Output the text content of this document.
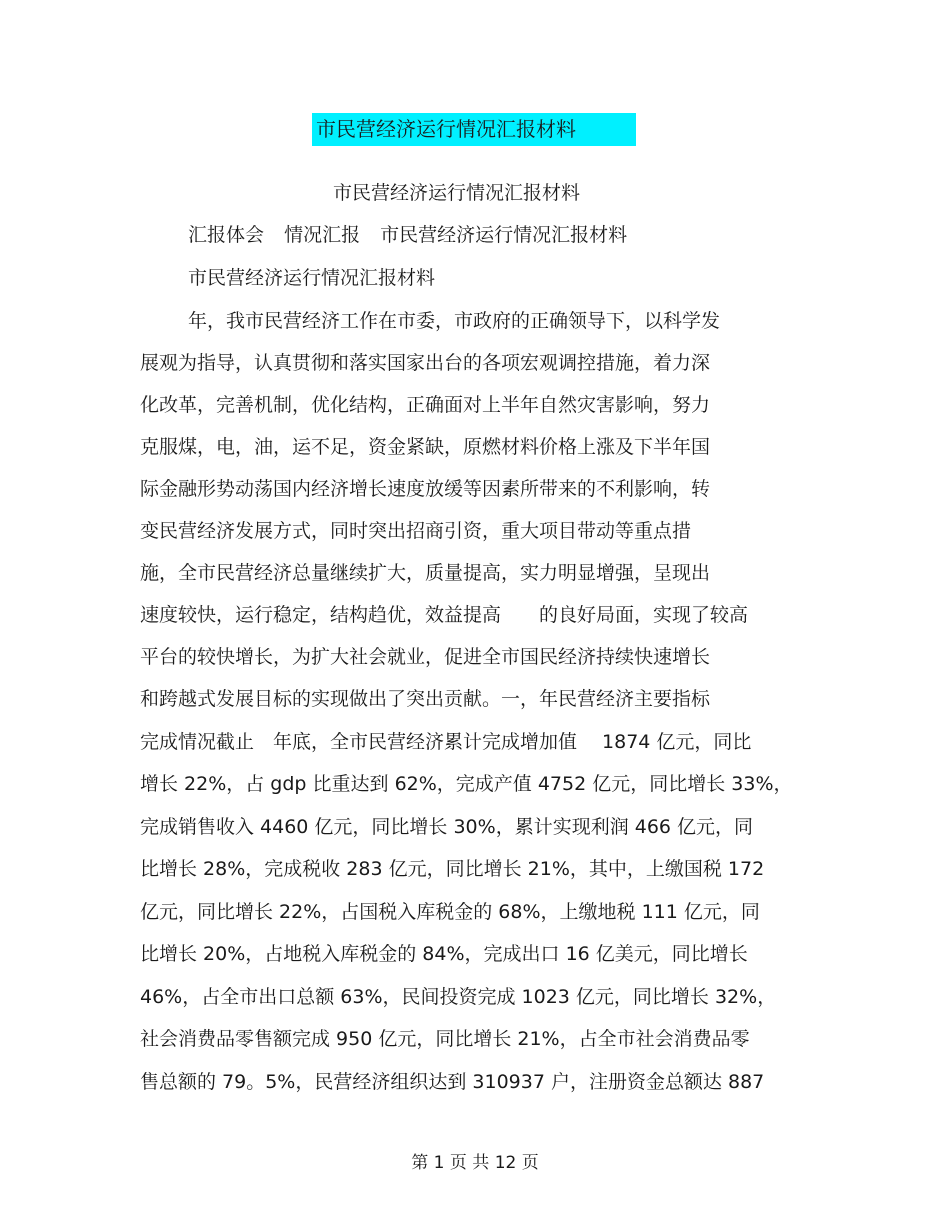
市民营经济运行情况汇报材料
市民营经济运行情况汇报材料
汇报体会 情况汇报 市民营经济运行情况汇报材料
市民营经济运行情况汇报材料
年，我市民营经济工作在市委，市政府的正确领导下，以科学发
展观为指导，认真贯彻和落实国家出台的各项宏观调控措施，着力深
化改革，完善机制，优化结构，正确面对上半年自然灾害影响，努力
克服煤，电，油，运不足，资金紧缺，原燃材料价格上涨及下半年国
际金融形势动荡国内经济增长速度放缓等因素所带来的不利影响，转
变民营经济发展方式，同时突出招商引资，重大项目带动等重点措
施，全市民营经济总量继续扩大，质量提高，实力明显增强，呈现出
速度较快，运行稳定，结构趋优，效益提高　　的良好局面，实现了较高
平台的较快增长，为扩大社会就业，促进全市国民经济持续快速增长
和跨越式发展目标的实现做出了突出贡献。一，年民营经济主要指标
完成情况截止　年底，全市民营经济累计完成增加值　 1874 亿元，同比
增长 22%，占 gdp 比重达到 62%，完成产值 4752 亿元，同比增长 33%，
完成销售收入 4460 亿元，同比增长 30%，累计实现利润 466 亿元，同
比增长 28%，完成税收 283 亿元，同比增长 21%，其中，上缴国税 172
亿元，同比增长 22%，占国税入库税金的 68%，上缴地税 111 亿元，同
比增长 20%，占地税入库税金的 84%，完成出口 16 亿美元，同比增长
46%，占全市出口总额 63%，民间投资完成 1023 亿元，同比增长 32%，
社会消费品零售额完成 950 亿元，同比增长 21%，占全市社会消费品零
售总额的 79。5%，民营经济组织达到 310937 户，注册资金总额达 887
第 1 页 共 12 页
